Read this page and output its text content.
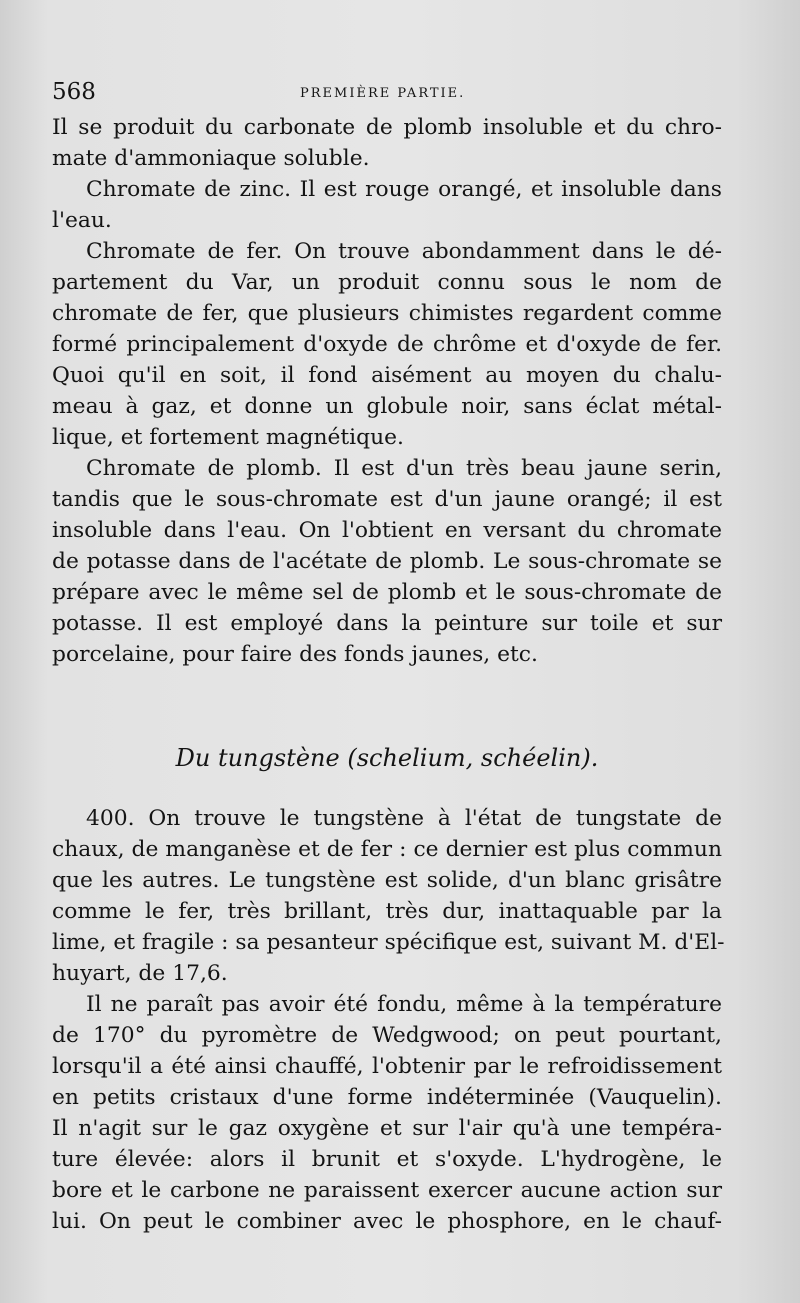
568	PREMIÈRE PARTIE.
Il se produit du carbonate de plomb insoluble et du chro-
mate d'ammoniaque soluble.
Chromate de zinc. Il est rouge orangé, et insoluble dans
l'eau.
Chromate de fer. On trouve abondamment dans le dé-
partement du Var, un produit connu sous le nom de
chromate de fer, que plusieurs chimistes regardent comme
formé principalement d'oxyde de chrôme et d'oxyde de fer.
Quoi qu'il en soit, il fond aisément au moyen du chalu-
meau à gaz, et donne un globule noir, sans éclat métal-
lique, et fortement magnétique.
Chromate de plomb. Il est d'un très beau jaune serin,
tandis que le sous-chromate est d'un jaune orangé; il est
insoluble dans l'eau. On l'obtient en versant du chromate
de potasse dans de l'acétate de plomb. Le sous-chromate se
prépare avec le même sel de plomb et le sous-chromate de
potasse. Il est employé dans la peinture sur toile et sur
porcelaine, pour faire des fonds jaunes, etc.
Du tungstène (schelium, schéelin).
400. On trouve le tungstène à l'état de tungstate de
chaux, de manganèse et de fer : ce dernier est plus commun
que les autres. Le tungstène est solide, d'un blanc grisâtre
comme le fer, très brillant, très dur, inattaquable par la
lime, et fragile : sa pesanteur spécifique est, suivant M. d'El-
huyart, de 17,6.
Il ne paraît pas avoir été fondu, même à la température
de 170° du pyromètre de Wedgwood; on peut pourtant,
lorsqu'il a été ainsi chauffé, l'obtenir par le refroidissement
en petits cristaux d'une forme indéterminée (Vauquelin).
Il n'agit sur le gaz oxygène et sur l'air qu'à une tempéra-
ture élevée: alors il brunit et s'oxyde. L'hydrogène, le
bore et le carbone ne paraissent exercer aucune action sur
lui. On peut le combiner avec le phosphore, en le chauf-
